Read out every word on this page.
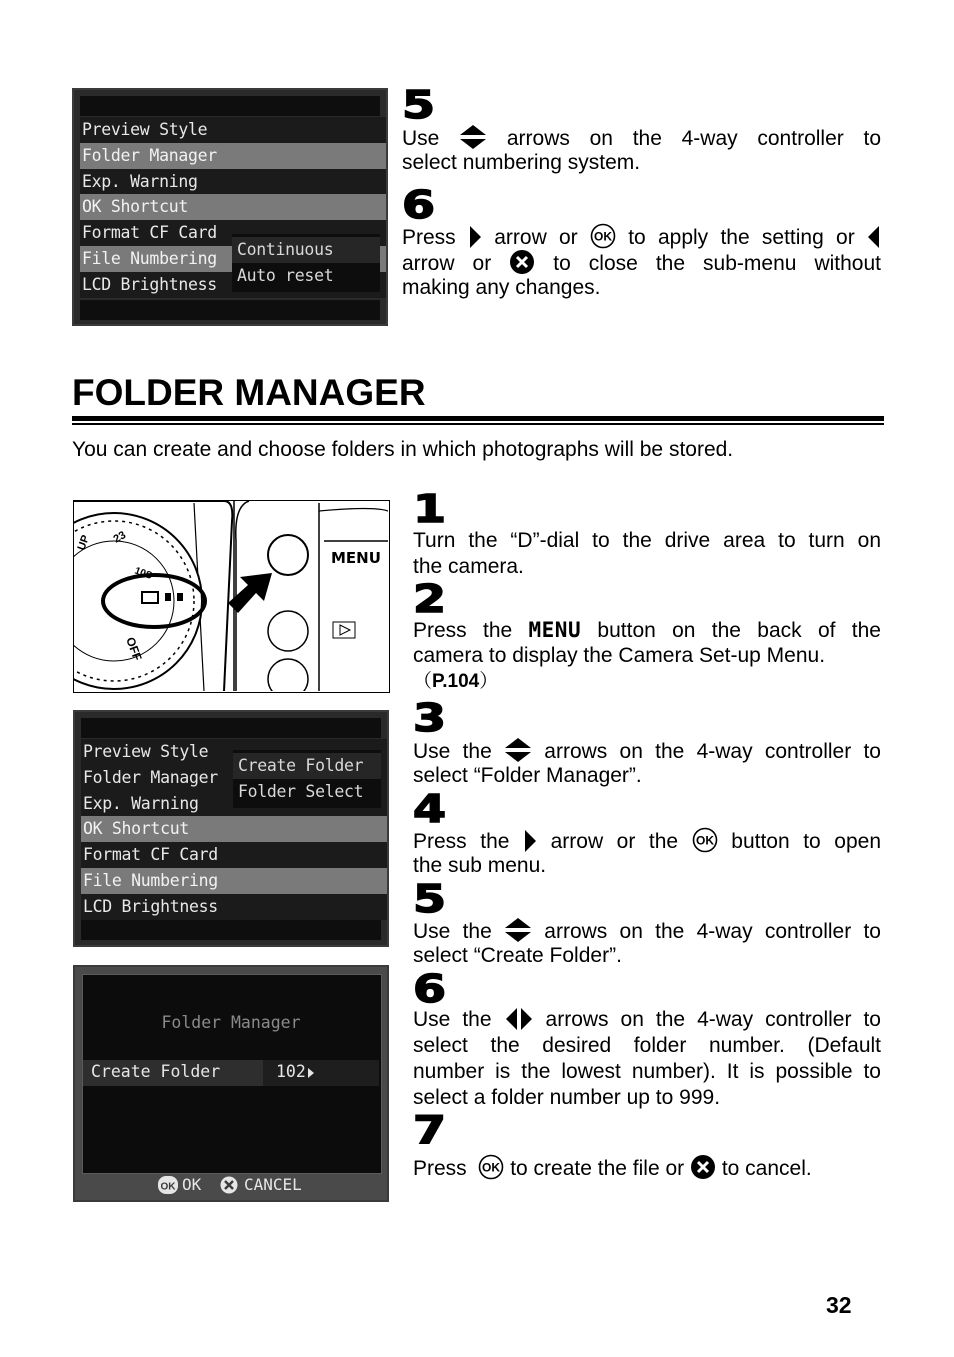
Preview Style
Folder Manager
Exp. Warning
OK Shortcut
Format CF Card
File Numbering
LCD Brightness
Continuous
Auto reset
5
Use	arrows on the 4-way controller to
select numbering system.
6
Press arrow or OK to apply the setting or
arrow or	to close the sub-menu without
making any changes.
FOLDER MANAGER
You can create and choose folders in which photographs will be stored.
UP 23
10S
OFF
MENU
Preview Style
Folder Manager
Exp. Warning
OK Shortcut
Format CF Card
File Numbering
LCD Brightness
Create Folder
Folder Select
Folder Manager
Create Folder	102
OK OK	CANCEL
1
Turn the “D”-dial to the drive area to turn on
the camera.
2
Press the MENU button on the back of the
camera to display the Camera Set-up Menu.
（P.104）
3
Use the	arrows on the 4-way controller to
select “Folder Manager”.
4
Press the arrow or the OK button to open
the sub menu.
5
Use the	arrows on the 4-way controller to
select “Create Folder”.
6
Use the	arrows on the 4-way controller to
select the desired folder number. (Default
number is the lowest number). It is possible to
select a folder number up to 999.
7
Press OK to create the file or to cancel.
32
